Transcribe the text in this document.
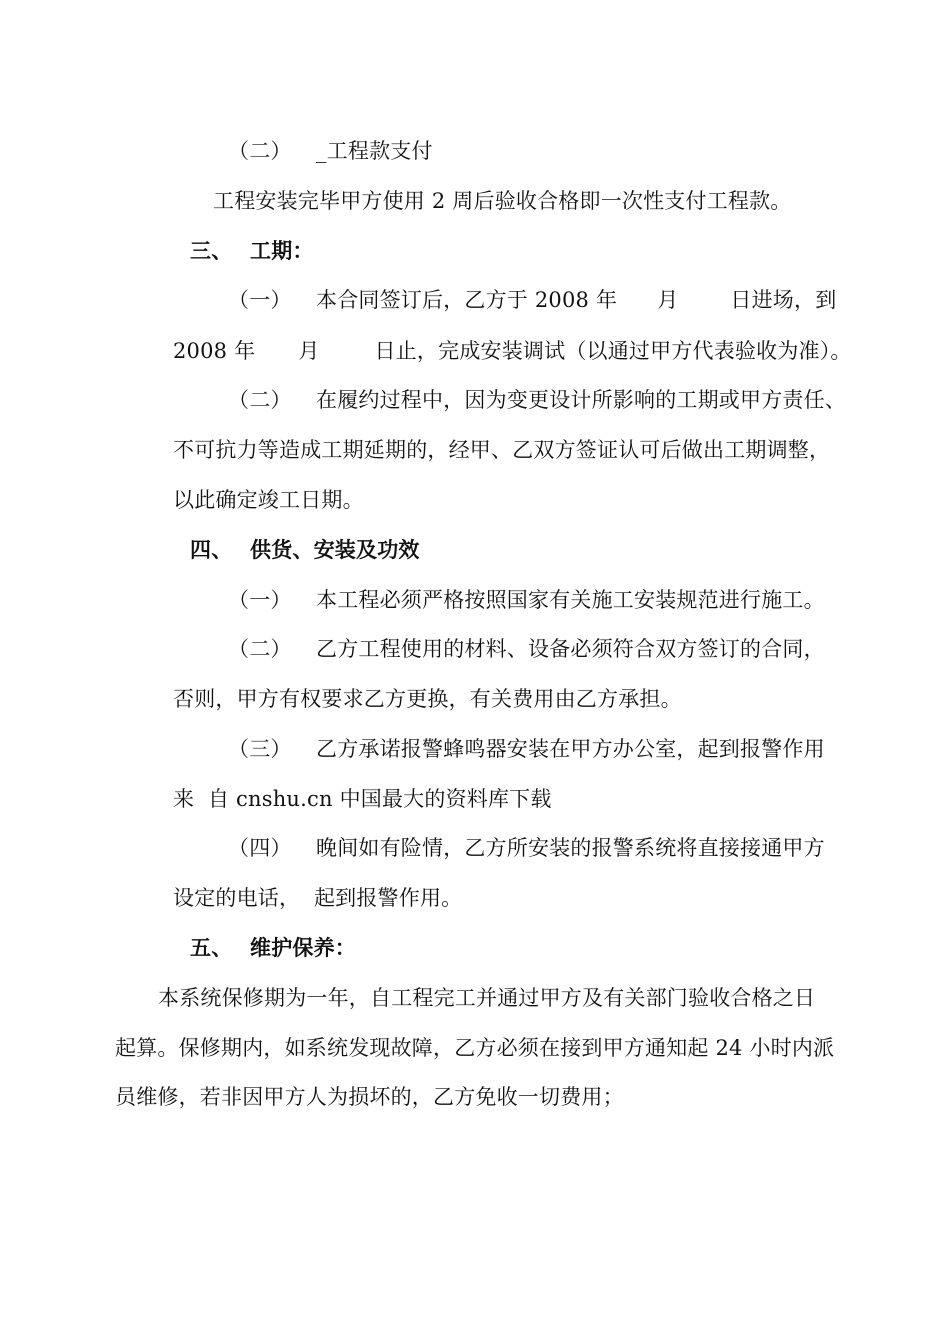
（二） _工程款支付
工程安装完毕甲方使用 2 周后验收合格即一次性支付工程款。
三、 工期：
（一） 本合同签订后，乙方于 2008 年 月 日进场，到
2008 年 月	日止，完成安装调试（以通过甲方代表验收为准）。
（二） 在履约过程中，因为变更设计所影响的工期或甲方责任、
不可抗力等造成工期延期的，经甲、乙双方签证认可后做出工期调整，
以此确定竣工日期。
四、 供货、安装及功效
（一） 本工程必须严格按照国家有关施工安装规范进行施工。
（二） 乙方工程使用的材料、设备必须符合双方签订的合同，
否则，甲方有权要求乙方更换，有关费用由乙方承担。
（三） 乙方承诺报警蜂鸣器安装在甲方办公室，起到报警作用
来  自 cnshu.cn 中国最大的资料库下载
（四） 晚间如有险情，乙方所安装的报警系统将直接接通甲方
设定的电话，  起到报警作用。
五、 维护保养：
本系统保修期为一年，自工程完工并通过甲方及有关部门验收合格之日
起算。保修期内，如系统发现故障，乙方必须在接到甲方通知起 24 小时内派
员维修，若非因甲方人为损坏的，乙方免收一切费用；
